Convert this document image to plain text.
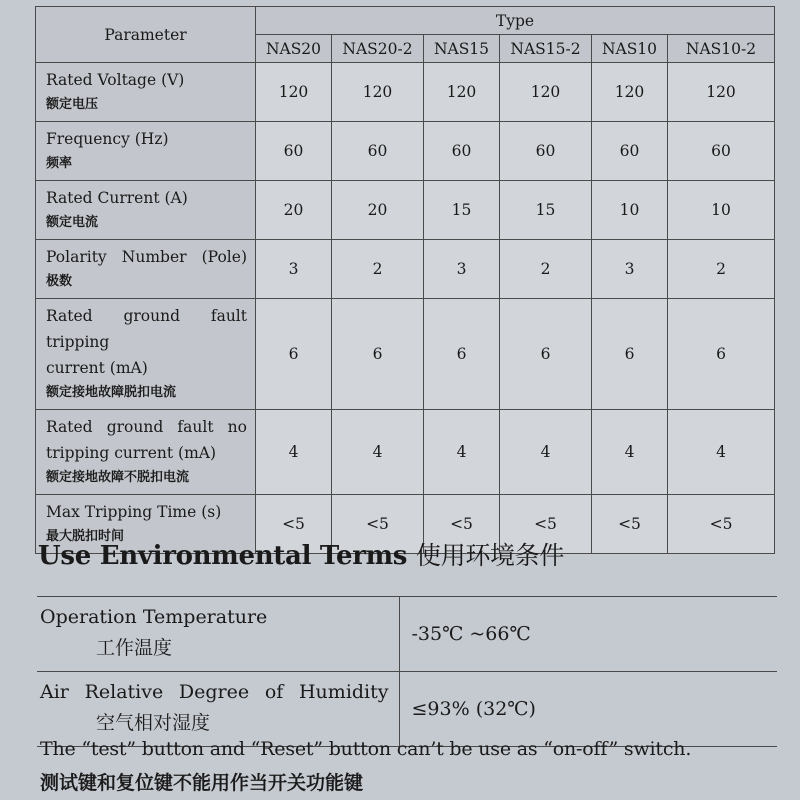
Parameter	Type					
	NAS20	NAS20-2	NAS15	NAS15-2	NAS10	NAS10-2

Rated Voltage (V)
额定电压	120	120	120	120	120	120

Frequency (Hz)
频率	60	60	60	60	60	60

Rated Current (A)
额定电流	20	20	15	15	10	10

Polarity Number (Pole)
极数	3	2	3	2	3	2

Rated ground fault tripping
current (mA)
额定接地故障脱扣电流	6	6	6	6	6	6

Rated ground fault no
tripping current (mA)
额定接地故障不脱扣电流	4	4	4	4	4	4

Max Tripping Time (s)
最大脱扣时间	<5	<5	<5	<5	<5	<5
Use Environmental Terms 使用环境条件
Operation Temperature
工作温度	-35℃ ~66℃

Air Relative Degree of Humidity
空气相对湿度	≤93% (32℃)
The “test” button and “Reset” button can’t be use as “on-off” switch.
测试键和复位键不能用作当开关功能键
